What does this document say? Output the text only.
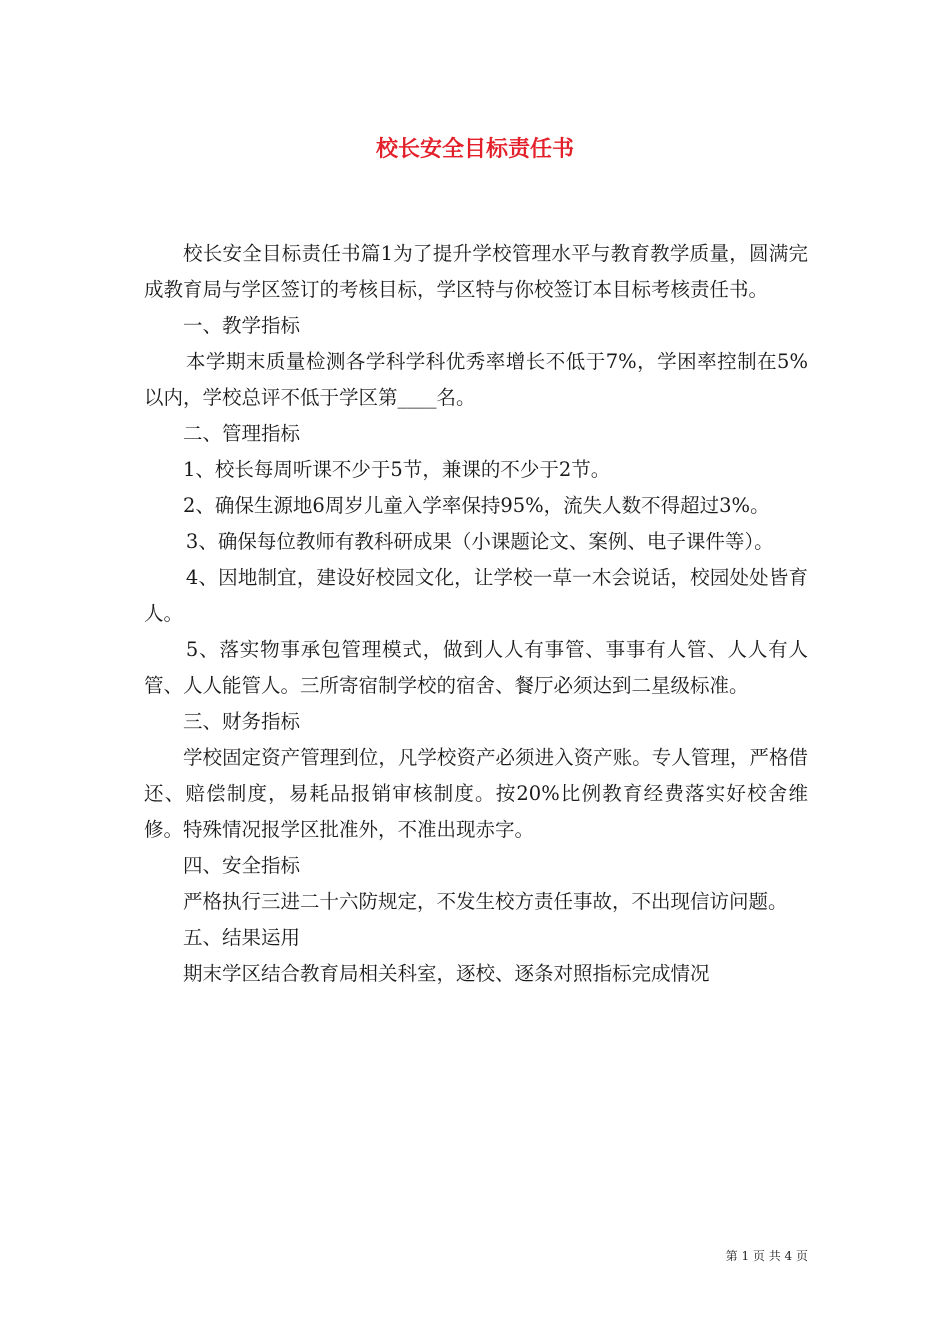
校长安全目标责任书

校长安全目标责任书篇1为了提升学校管理水平与教育教学质量，圆满完成教育局与学区签订的考核目标，学区特与你校签订本目标考核责任书。

一、教学指标

本学期末质量检测各学科学科优秀率增长不低于7%，学困率控制在5%以内，学校总评不低于学区第____名。

二、管理指标

1、校长每周听课不少于5节，兼课的不少于2节。

2、确保生源地6周岁儿童入学率保持95%，流失人数不得超过3%。

3、确保每位教师有教科研成果（小课题论文、案例、电子课件等）。

4、因地制宜，建设好校园文化，让学校一草一木会说话，校园处处皆育人。

5、落实物事承包管理模式，做到人人有事管、事事有人管、人人有人管、人人能管人。三所寄宿制学校的宿舍、餐厅必须达到二星级标准。

三、财务指标

学校固定资产管理到位，凡学校资产必须进入资产账。专人管理，严格借还、赔偿制度，易耗品报销审核制度。按20%比例教育经费落实好校舍维修。特殊情况报学区批准外，不准出现赤字。

四、安全指标

严格执行三进二十六防规定，不发生校方责任事故，不出现信访问题。

五、结果运用

期末学区结合教育局相关科室，逐校、逐条对照指标完成情况

第 1 页 共 4 页
